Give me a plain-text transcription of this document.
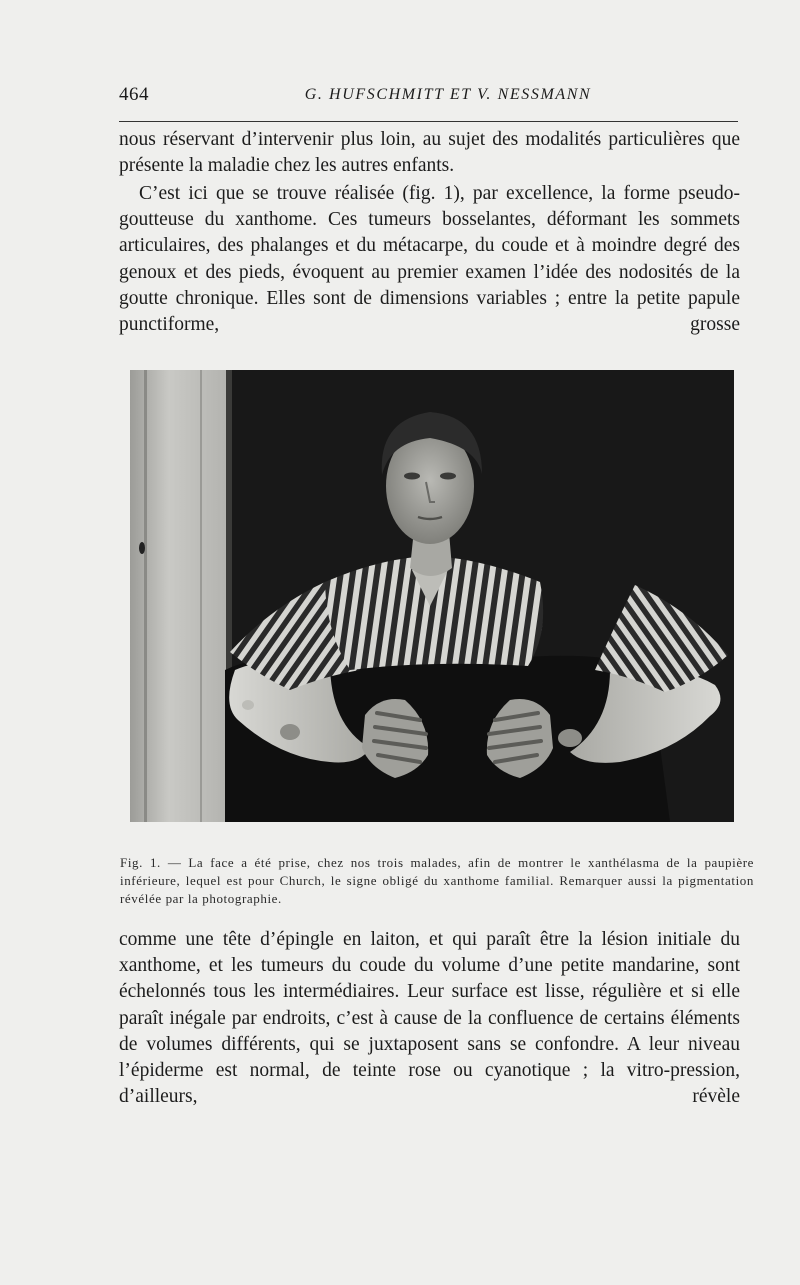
464	G. HUFSCHMITT ET V. NESSMANN

nous réservant d’intervenir plus loin, au sujet des modalités particulières que présente la maladie chez les autres enfants.

C’est ici que se trouve réalisée (fig. 1), par excellence, la forme pseudo-goutteuse du xanthome. Ces tumeurs bosselantes, déformant les sommets articulaires, des phalanges et du métacarpe, du coude et à moindre degré des genoux et des pieds, évoquent au premier examen l’idée des nodosités de la goutte chronique. Elles sont de dimensions variables ; entre la petite papule punctiforme, grosse

Fig. 1. — La face a été prise, chez nos trois malades, afin de montrer le xanthélasma de la paupière inférieure, lequel est pour Church, le signe obligé du xanthome familial. Remarquer aussi la pigmentation révélée par la photographie.

comme une tête d’épingle en laiton, et qui paraît être la lésion initiale du xanthome, et les tumeurs du coude du volume d’une petite mandarine, sont échelonnés tous les intermédiaires. Leur surface est lisse, régulière et si elle paraît inégale par endroits, c’est à cause de la confluence de certains éléments de volumes différents, qui se juxtaposent sans se confondre. A leur niveau l’épiderme est normal, de teinte rose ou cyanotique ; la vitro-pression, d’ailleurs, révèle
